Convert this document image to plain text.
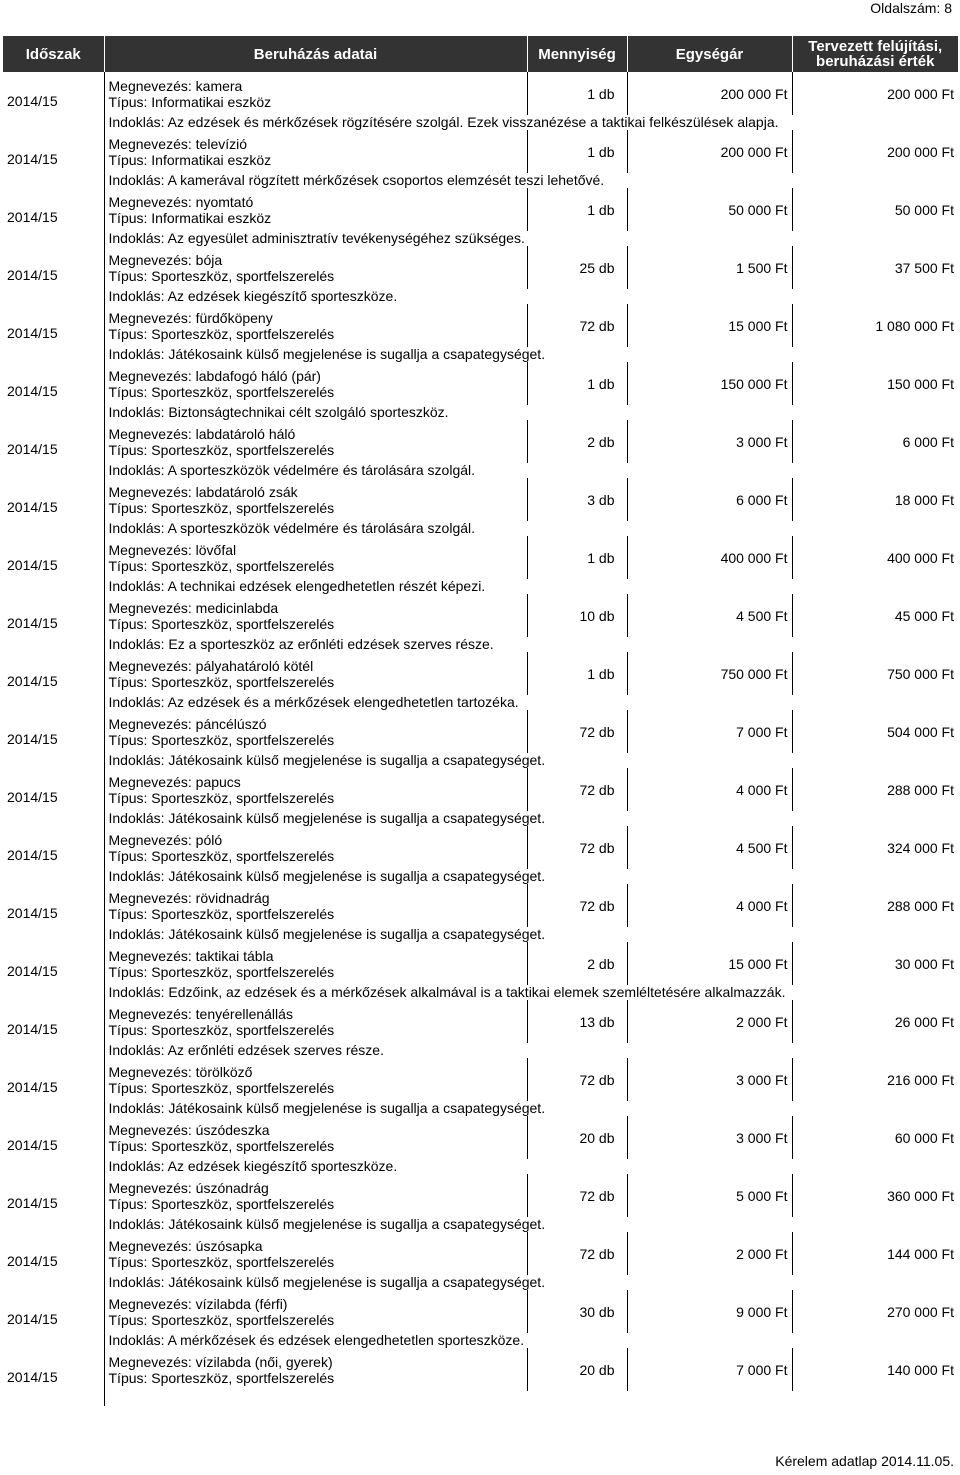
Oldalszám: 8
Időszak	Beruházás adatai	Mennyiség	Egységár	Tervezett felújítási,
beruházási érték
2014/15	Megnevezés: kamera
Típus: Informatikai eszköz	1 db	200 000 Ft	200 000 Ft
	Indoklás: Az edzések és mérkőzések rögzítésére szolgál. Ezek visszanézése a taktikai felkészülések alapja.			
2014/15	Megnevezés: televízió
Típus: Informatikai eszköz	1 db	200 000 Ft	200 000 Ft
	Indoklás: A kamerával rögzített mérkőzések csoportos elemzését teszi lehetővé.			
2014/15	Megnevezés: nyomtató
Típus: Informatikai eszköz	1 db	50 000 Ft	50 000 Ft
	Indoklás: Az egyesület adminisztratív tevékenységéhez szükséges.			
2014/15	Megnevezés: bója
Típus: Sporteszköz, sportfelszerelés	25 db	1 500 Ft	37 500 Ft
	Indoklás: Az edzések kiegészítő sporteszköze.			
2014/15	Megnevezés: fürdőköpeny
Típus: Sporteszköz, sportfelszerelés	72 db	15 000 Ft	1 080 000 Ft
	Indoklás: Játékosaink külső megjelenése is sugallja a csapategységet.			
2014/15	Megnevezés: labdafogó háló (pár)
Típus: Sporteszköz, sportfelszerelés	1 db	150 000 Ft	150 000 Ft
	Indoklás: Biztonságtechnikai célt szolgáló sporteszköz.			
2014/15	Megnevezés: labdatároló háló
Típus: Sporteszköz, sportfelszerelés	2 db	3 000 Ft	6 000 Ft
	Indoklás: A sporteszközök védelmére és tárolására szolgál.			
2014/15	Megnevezés: labdatároló zsák
Típus: Sporteszköz, sportfelszerelés	3 db	6 000 Ft	18 000 Ft
	Indoklás: A sporteszközök védelmére és tárolására szolgál.			
2014/15	Megnevezés: lövőfal
Típus: Sporteszköz, sportfelszerelés	1 db	400 000 Ft	400 000 Ft
	Indoklás: A technikai edzések elengedhetetlen részét képezi.			
2014/15	Megnevezés: medicinlabda
Típus: Sporteszköz, sportfelszerelés	10 db	4 500 Ft	45 000 Ft
	Indoklás: Ez a sporteszköz az erőnléti edzések szerves része.			
2014/15	Megnevezés: pályahatároló kötél
Típus: Sporteszköz, sportfelszerelés	1 db	750 000 Ft	750 000 Ft
	Indoklás: Az edzések és a mérkőzések elengedhetetlen tartozéka.			
2014/15	Megnevezés: páncélúszó
Típus: Sporteszköz, sportfelszerelés	72 db	7 000 Ft	504 000 Ft
	Indoklás: Játékosaink külső megjelenése is sugallja a csapategységet.			
2014/15	Megnevezés: papucs
Típus: Sporteszköz, sportfelszerelés	72 db	4 000 Ft	288 000 Ft
	Indoklás: Játékosaink külső megjelenése is sugallja a csapategységet.			
2014/15	Megnevezés: póló
Típus: Sporteszköz, sportfelszerelés	72 db	4 500 Ft	324 000 Ft
	Indoklás: Játékosaink külső megjelenése is sugallja a csapategységet.			
2014/15	Megnevezés: rövidnadrág
Típus: Sporteszköz, sportfelszerelés	72 db	4 000 Ft	288 000 Ft
	Indoklás: Játékosaink külső megjelenése is sugallja a csapategységet.			
2014/15	Megnevezés: taktikai tábla
Típus: Sporteszköz, sportfelszerelés	2 db	15 000 Ft	30 000 Ft
	Indoklás: Edzőink, az edzések és a mérkőzések alkalmával is a taktikai elemek szemléltetésére alkalmazzák.			
2014/15	Megnevezés: tenyérellenállás
Típus: Sporteszköz, sportfelszerelés	13 db	2 000 Ft	26 000 Ft
	Indoklás: Az erőnléti edzések szerves része.			
2014/15	Megnevezés: törölköző
Típus: Sporteszköz, sportfelszerelés	72 db	3 000 Ft	216 000 Ft
	Indoklás: Játékosaink külső megjelenése is sugallja a csapategységet.			
2014/15	Megnevezés: úszódeszka
Típus: Sporteszköz, sportfelszerelés	20 db	3 000 Ft	60 000 Ft
	Indoklás: Az edzések kiegészítő sporteszköze.			
2014/15	Megnevezés: úszónadrág
Típus: Sporteszköz, sportfelszerelés	72 db	5 000 Ft	360 000 Ft
	Indoklás: Játékosaink külső megjelenése is sugallja a csapategységet.			
2014/15	Megnevezés: úszósapka
Típus: Sporteszköz, sportfelszerelés	72 db	2 000 Ft	144 000 Ft
	Indoklás: Játékosaink külső megjelenése is sugallja a csapategységet.			
2014/15	Megnevezés: vízilabda (férfi)
Típus: Sporteszköz, sportfelszerelés	30 db	9 000 Ft	270 000 Ft
	Indoklás: A mérkőzések és edzések elengedhetetlen sporteszköze.			
2014/15	Megnevezés: vízilabda (női, gyerek)
Típus: Sporteszköz, sportfelszerelés	20 db	7 000 Ft	140 000 Ft

Kérelem adatlap 2014.11.05.
